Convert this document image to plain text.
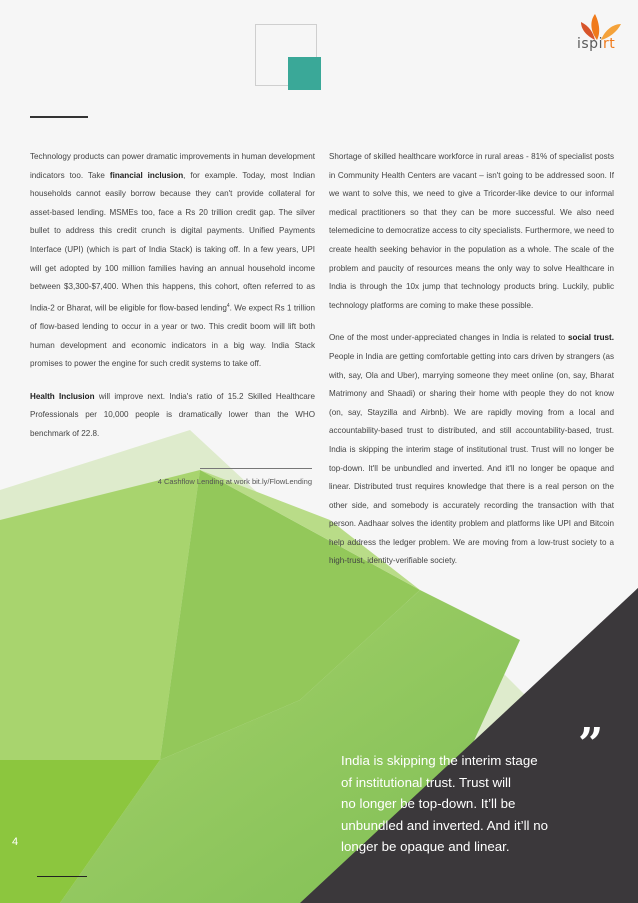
ispirt

Technology products can power dramatic improvements in human development indicators too. Take financial inclusion, for example. Today, most Indian households cannot easily borrow because they can't provide collateral for asset-based lending. MSMEs too, face a Rs 20 trillion credit gap. The silver bullet to address this credit crunch is digital payments. Unified Payments Interface (UPI) (which is part of India Stack) is taking off. In a few years, UPI will get adopted by 100 million families having an annual household income between $3,300-$7,400. When this happens, this cohort, often referred to as India-2 or Bharat, will be eligible for flow-based lending$^4$. We expect Rs 1 trillion of flow-based lending to occur in a year or two. This credit boom will lift both human development and economic indicators in a big way. India Stack promises to power the engine for such credit systems to take off.

Health Inclusion will improve next. India's ratio of 15.2 Skilled Healthcare Professionals per 10,000 people is dramatically lower than the WHO benchmark of 22.8.

4 Cashflow Lending at work bit.ly/FlowLending

Shortage of skilled healthcare workforce in rural areas - 81% of specialist posts in Community Health Centers are vacant – isn't going to be addressed soon. If we want to solve this, we need to give a Tricorder-like device to our informal medical practitioners so that they can be more successful. We also need telemedicine to democratize access to city specialists. Furthermore, we need to create health seeking behavior in the population as a whole. The scale of the problem and paucity of resources means the only way to solve Healthcare in India is through the 10x jump that technology products bring. Luckily, public technology platforms are coming to make these possible.

One of the most under-appreciated changes in India is related to social trust. People in India are getting comfortable getting into cars driven by strangers (as with, say, Ola and Uber), marrying someone they meet online (on, say, Bharat Matrimony and Shaadi) or sharing their home with people they do not know (on, say, Stayzilla and Airbnb). We are rapidly moving from a local and accountability-based trust to distributed, and still accountability-based, trust. India is skipping the interim stage of institutional trust. Trust will no longer be top-down. It'll be unbundled and inverted. And it'll no longer be opaque and linear. Distributed trust requires knowledge that there is a real person on the other side, and somebody is accurately recording the transaction with that person. Aadhaar solves the identity problem and platforms like UPI and Bitcoin help address the ledger problem. We are moving from a low-trust society to a high-trust, identity-verifiable society.

”
India is skipping the interim stage
of institutional trust. Trust will
no longer be top-down. It’ll be
unbundled and inverted. And it’ll no
longer be opaque and linear.
4
